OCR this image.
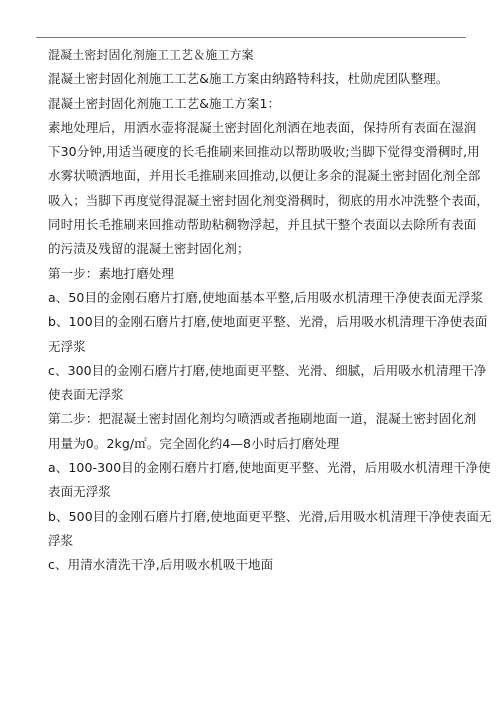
混凝土密封固化剂施工工艺＆施工方案
混凝土密封固化剂施工工艺&施工方案由纳路特科技，杜勋虎团队整理。
混凝土密封固化剂施工工艺&施工方案1：
素地处理后，用洒水壶将混凝土密封固化剂洒在地表面，保持所有表面在湿润
下30分钟,用适当硬度的长毛推刷来回推动以帮助吸收;当脚下觉得变滑稠时,用
水雾状喷洒地面，并用长毛推刷来回推动,以便让多余的混凝土密封固化剂全部
吸入；当脚下再度觉得混凝土密封固化剂变滑稠时，彻底的用水冲洗整个表面，
同时用长毛推刷来回推动帮助粘稠物浮起，并且拭干整个表面以去除所有表面
的污渍及残留的混凝土密封固化剂；
第一步：素地打磨处理
a、50目的金刚石磨片打磨,使地面基本平整,后用吸水机清理干净使表面无浮浆
b、100目的金刚石磨片打磨,使地面更平整、光滑，后用吸水机清理干净使表面
无浮浆
c、300目的金刚石磨片打磨,使地面更平整、光滑、细腻，后用吸水机清理干净
使表面无浮浆
第二步：把混凝土密封固化剂均匀喷洒或者拖刷地面一道，混凝土密封固化剂
用量为0。2kg/㎡。完全固化约4—8小时后打磨处理
a、100-300目的金刚石磨片打磨,使地面更平整、光滑，后用吸水机清理干净使
表面无浮浆
b、500目的金刚石磨片打磨,使地面更平整、光滑,后用吸水机清理干净使表面无
浮浆
c、用清水清洗干净,后用吸水机吸干地面
